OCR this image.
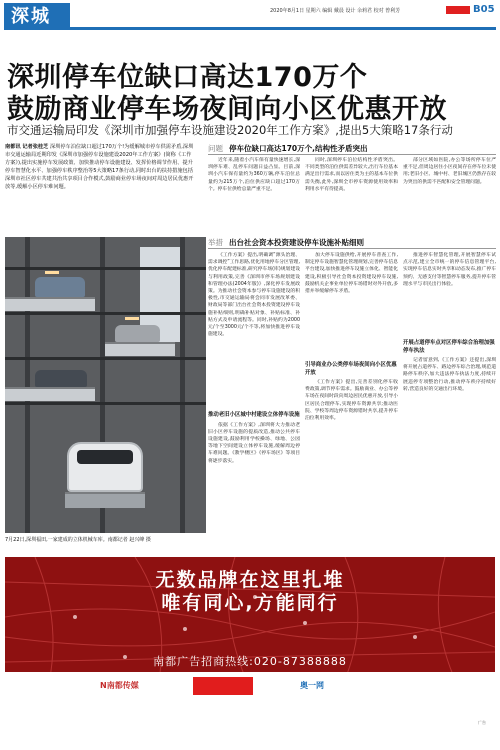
深城	2020年8月1日 星期六 编辑 戴晨 设计 余莉君 校对 曾利芳	B05
深圳停车位缺口高达170万个
鼓励商业停车场夜间向小区优惠开放
市交通运输局印发《深圳市加强停车设施建设2020年工作方案》,提出5大策略17条行动
南都讯 记者张桂芝 深圳停车泊位缺口超过170万个!为缓解城市停车供需矛盾,深圳市交通运输局近期印发《深圳市加强停车设施建设2020年工作方案》(简称《工作方案》),提出实施停车发展政策、加快推动停车设施建设、发挥价格调节作用、提升停车智慧化水平、加强停车秩序整治等5大策略17条行动,同时出台的扶持措施包括深圳市社区停车共建共治共享项目合作模式,鼓励商业停车场夜间对周边居民优惠开放等,缓解小区停车难问题。
问题 停车位缺口高达170万个,结构性矛盾突出
近年来,随着小汽车保有量快速增长,深圳停车难、乱停车问题日益凸显。目前,深圳小汽车保有量约为360万辆,停车泊位总量约为215万个,泊位供应缺口超过170万个。停车位供给总量严重不足。
同时,深圳停车泊位结构性矛盾突出。不同类型的泊位供需差异较大,出行车位基本满足出行需求,而以居住类为主的基本车位供需失衡,此外,深圳全市停车资源使用效率和利用水平有待提高。
部分区域如医院,办公等场所停车位严重不足,但周边居住小区夜间存在停车位未使用;老旧小区、城中村、老旧城区仍然存在较为突出的供需不匹配和安全管理问题。
举措 出台社会资本投资建设停车设施补贴细则
《工作方案》提出,明确调“源头治理、需求调控”工作思路,优化用地停车分区管理,优化停车配建标准,研究停车场(库)规划建设与利用政策,完善《深圳市停车场规划建设和管理办法(2004年版)》,深化停车发展政策。为推动社会资本参与停车设施建设的积极性,市交通运输局将会同市发展改革委、财政局等部门出台社会资本投资建设停车设施补贴细则,明确补贴对象、补贴标准、补贴方式及申请流程等。同时,补贴约为2000元/个至3000元/个不等,将加快推进停车设施建设。
推动老旧小区城中村建设立体停车设施
依据《工作方案》,深圳将大力推动老旧小区停车设施的提质改造,推动公共停车设施建设,鼓励利用学校操场、绿地、公园等地下空间建设立体停车设施,缓解周边停车难问题。《教学楼区》《停车场区》等项目将逐步落实。
加大停车设施供给,开展停车普查工作,制定停车设施智慧化管理规划,完善停车信息平台建设,加快推进停车设施立体化、智能化建设,积极引导社会资本投资建设停车设施,鼓励机关企事业单位停车场错时对外开放,多措并举缓解停车矛盾。
引导商业办公类停车场夜间向小区优惠开放
《工作方案》提出,完善差别化停车收费政策,调节停车需求。鼓励商业、办公等停车场在夜间时段向周边居民优惠开放,引导小区居民合理停车,实现停车资源共享;推动医院、学校等周边停车资源错时共享,提升停车泊位利用效率。
推进停车智慧化管理,开展智慧停车试点示范,建立全市统一的停车信息管理平台,实现停车信息实时共享和动态发布,推广停车预约、无感支付等智慧停车服务,提升停车管理水平与市民出行体验。
开展占道停车点对区停车综合治理加强停车执法
记者留意到,《工作方案》还提出,深圳将开展占道停车、路边停车综合治理,规范道路停车秩序,加大违法停车执法力度,持续开展违停专项整治行动,推动停车秩序持续好转,营造良好的交通出行环境。
7月22日,深圳福田,一家建成的立体机械车库。南都记者 赵兴峰 摄
无数品牌在这里扎堆
唯有同心,方能同行
南都广告招商热线:020-87388888
N南都传媒	奥一网
广告
